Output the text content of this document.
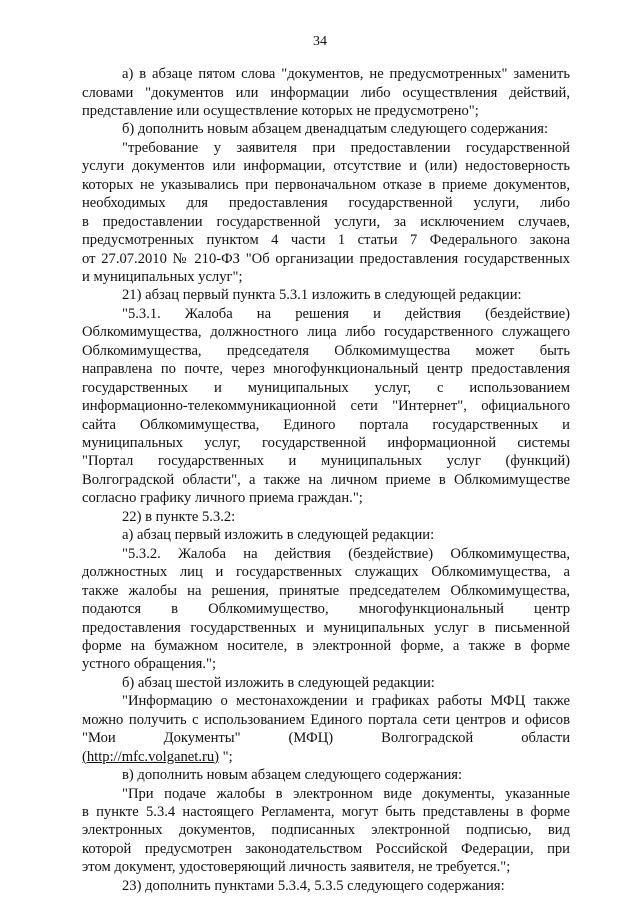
34
а) в абзаце пятом слова "документов, не предусмотренных" заменить
словами "документов или информации либо осуществления действий,
представление или осуществление которых не предусмотрено";
б) дополнить новым абзацем двенадцатым следующего содержания:
"требование у заявителя при предоставлении государственной
услуги документов или информации, отсутствие и (или) недостоверность
которых не указывались при первоначальном отказе в приеме документов,
необходимых для предоставления государственной услуги, либо
в предоставлении государственной услуги, за исключением случаев,
предусмотренных пунктом 4 части 1 статьи 7 Федерального закона
от 27.07.2010 № 210-ФЗ "Об организации предоставления государственных
и муниципальных услуг";
21) абзац первый пункта 5.3.1 изложить в следующей редакции:
"5.3.1. Жалоба на решения и действия (бездействие)
Облкомимущества, должностного лица либо государственного служащего
Облкомимущества, председателя Облкомимущества может быть
направлена по почте, через многофункциональный центр предоставления
государственных и муниципальных услуг, с использованием
информационно-телекоммуникационной сети "Интернет", официального
сайта Облкомимущества, Единого портала государственных и
муниципальных услуг, государственной информационной системы
"Портал государственных и муниципальных услуг (функций)
Волгоградской области", а также на личном приеме в Облкомимуществе
согласно графику личного приема граждан.";
22) в пункте 5.3.2:
а) абзац первый изложить в следующей редакции:
"5.3.2. Жалоба на действия (бездействие) Облкомимущества,
должностных лиц и государственных служащих Облкомимущества, а
также жалобы на решения, принятые председателем Облкомимущества,
подаются в Облкомимущество, многофункциональный центр
предоставления государственных и муниципальных услуг в письменной
форме на бумажном носителе, в электронной форме, а также в форме
устного обращения.";
б) абзац шестой изложить в следующей редакции:
"Информацию о местонахождении и графиках работы МФЦ также
можно получить с использованием Единого портала сети центров и офисов
"Мои Документы" (МФЦ) Волгоградской области
(http://mfc.volganet.ru) ";
в) дополнить новым абзацем следующего содержания:
"При подаче жалобы в электронном виде документы, указанные
в пункте 5.3.4 настоящего Регламента, могут быть представлены в форме
электронных документов, подписанных электронной подписью, вид
которой предусмотрен законодательством Российской Федерации, при
этом документ, удостоверяющий личность заявителя, не требуется.";
23) дополнить пунктами 5.3.4, 5.3.5 следующего содержания:
